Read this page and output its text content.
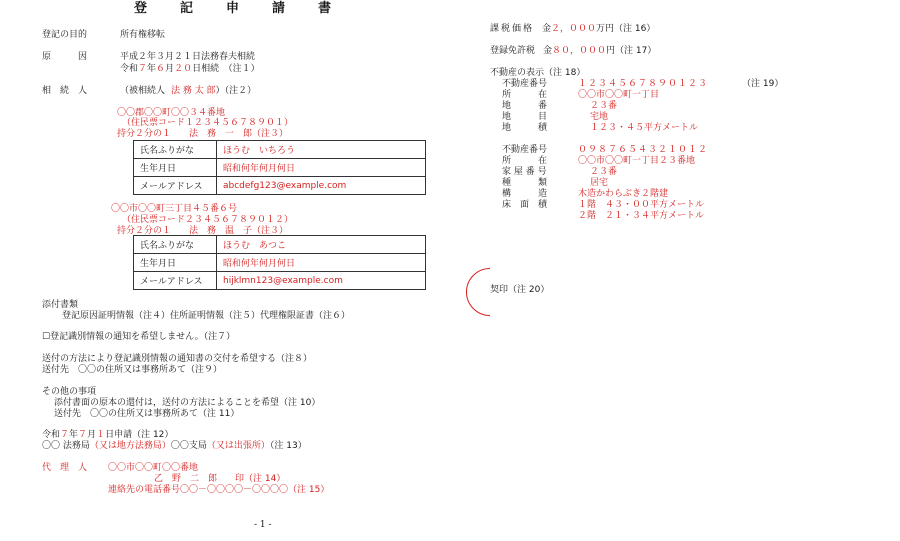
登　記　申　請　書
登記の目的	所有権移転
原　　　因	平成２年３月２１日法務春夫相続
令和７年６月２０日相続　（注１）
相　続　人	（被相続人 法 務 太 郎）（注２）
〇〇郡〇〇町〇〇３４番地
（住民票コード１２３４５６７８９０１）
持分２分の１　　法　務　一　郎（注３）
氏名ふりがな	ほうむ　いちろう
生年月日	昭和何年何月何日
メールアドレス	abcdefg123@example.com
〇〇市〇〇町三丁目４５番６号
（住民票コード２３４５６７８９０１２）
持分２分の１　　法　務　温　子（注３）
氏名ふりがな	ほうむ　あつこ
生年月日	昭和何年何月何日
メールアドレス	hijklmn123@example.com
添付書類
登記原因証明情報（注４）住所証明情報（注５）代理権限証書（注６）
☐登記識別情報の通知を希望しません。（注７）
送付の方法により登記識別情報の通知書の交付を希望する（注８）
送付先　〇〇の住所又は事務所あて（注９）
その他の事項
添付書面の原本の還付は，送付の方法によることを希望（注 10）
送付先　〇〇の住所又は事務所あて（注 11）
令和７年７月１日申請（注 12）
〇〇 法務局（又は地方法務局）〇〇支局（又は出張所）（注 13）
代　理　人 〇〇市〇〇町〇〇番地
乙　野　二　郎　　印（注 14）
連絡先の電話番号〇〇－〇〇〇〇－〇〇〇〇（注 15）
- 1 -
課税価格 金２，０００万円（注 16）
登録免許税 金８０，０００円（注 17）
不動産の表示（注 18）
不動産番号	１２３４５６７８９０１２３	（注 19）
所　　　在	〇〇市〇〇町一丁目
地　　　番	２３番
地　　　目	宅地
地　　　積	１２３・４５平方メートル
不動産番号	０９８７６５４３２１０１２
所　　　在	〇〇市〇〇町一丁目２３番地
家 屋 番 号	２３番
種　　　類	居宅
構　　　造	木造かわらぶき２階建
床　面　積	１階　４３・００平方メートル
２階　２１・３４平方メートル
契印（注 20）
